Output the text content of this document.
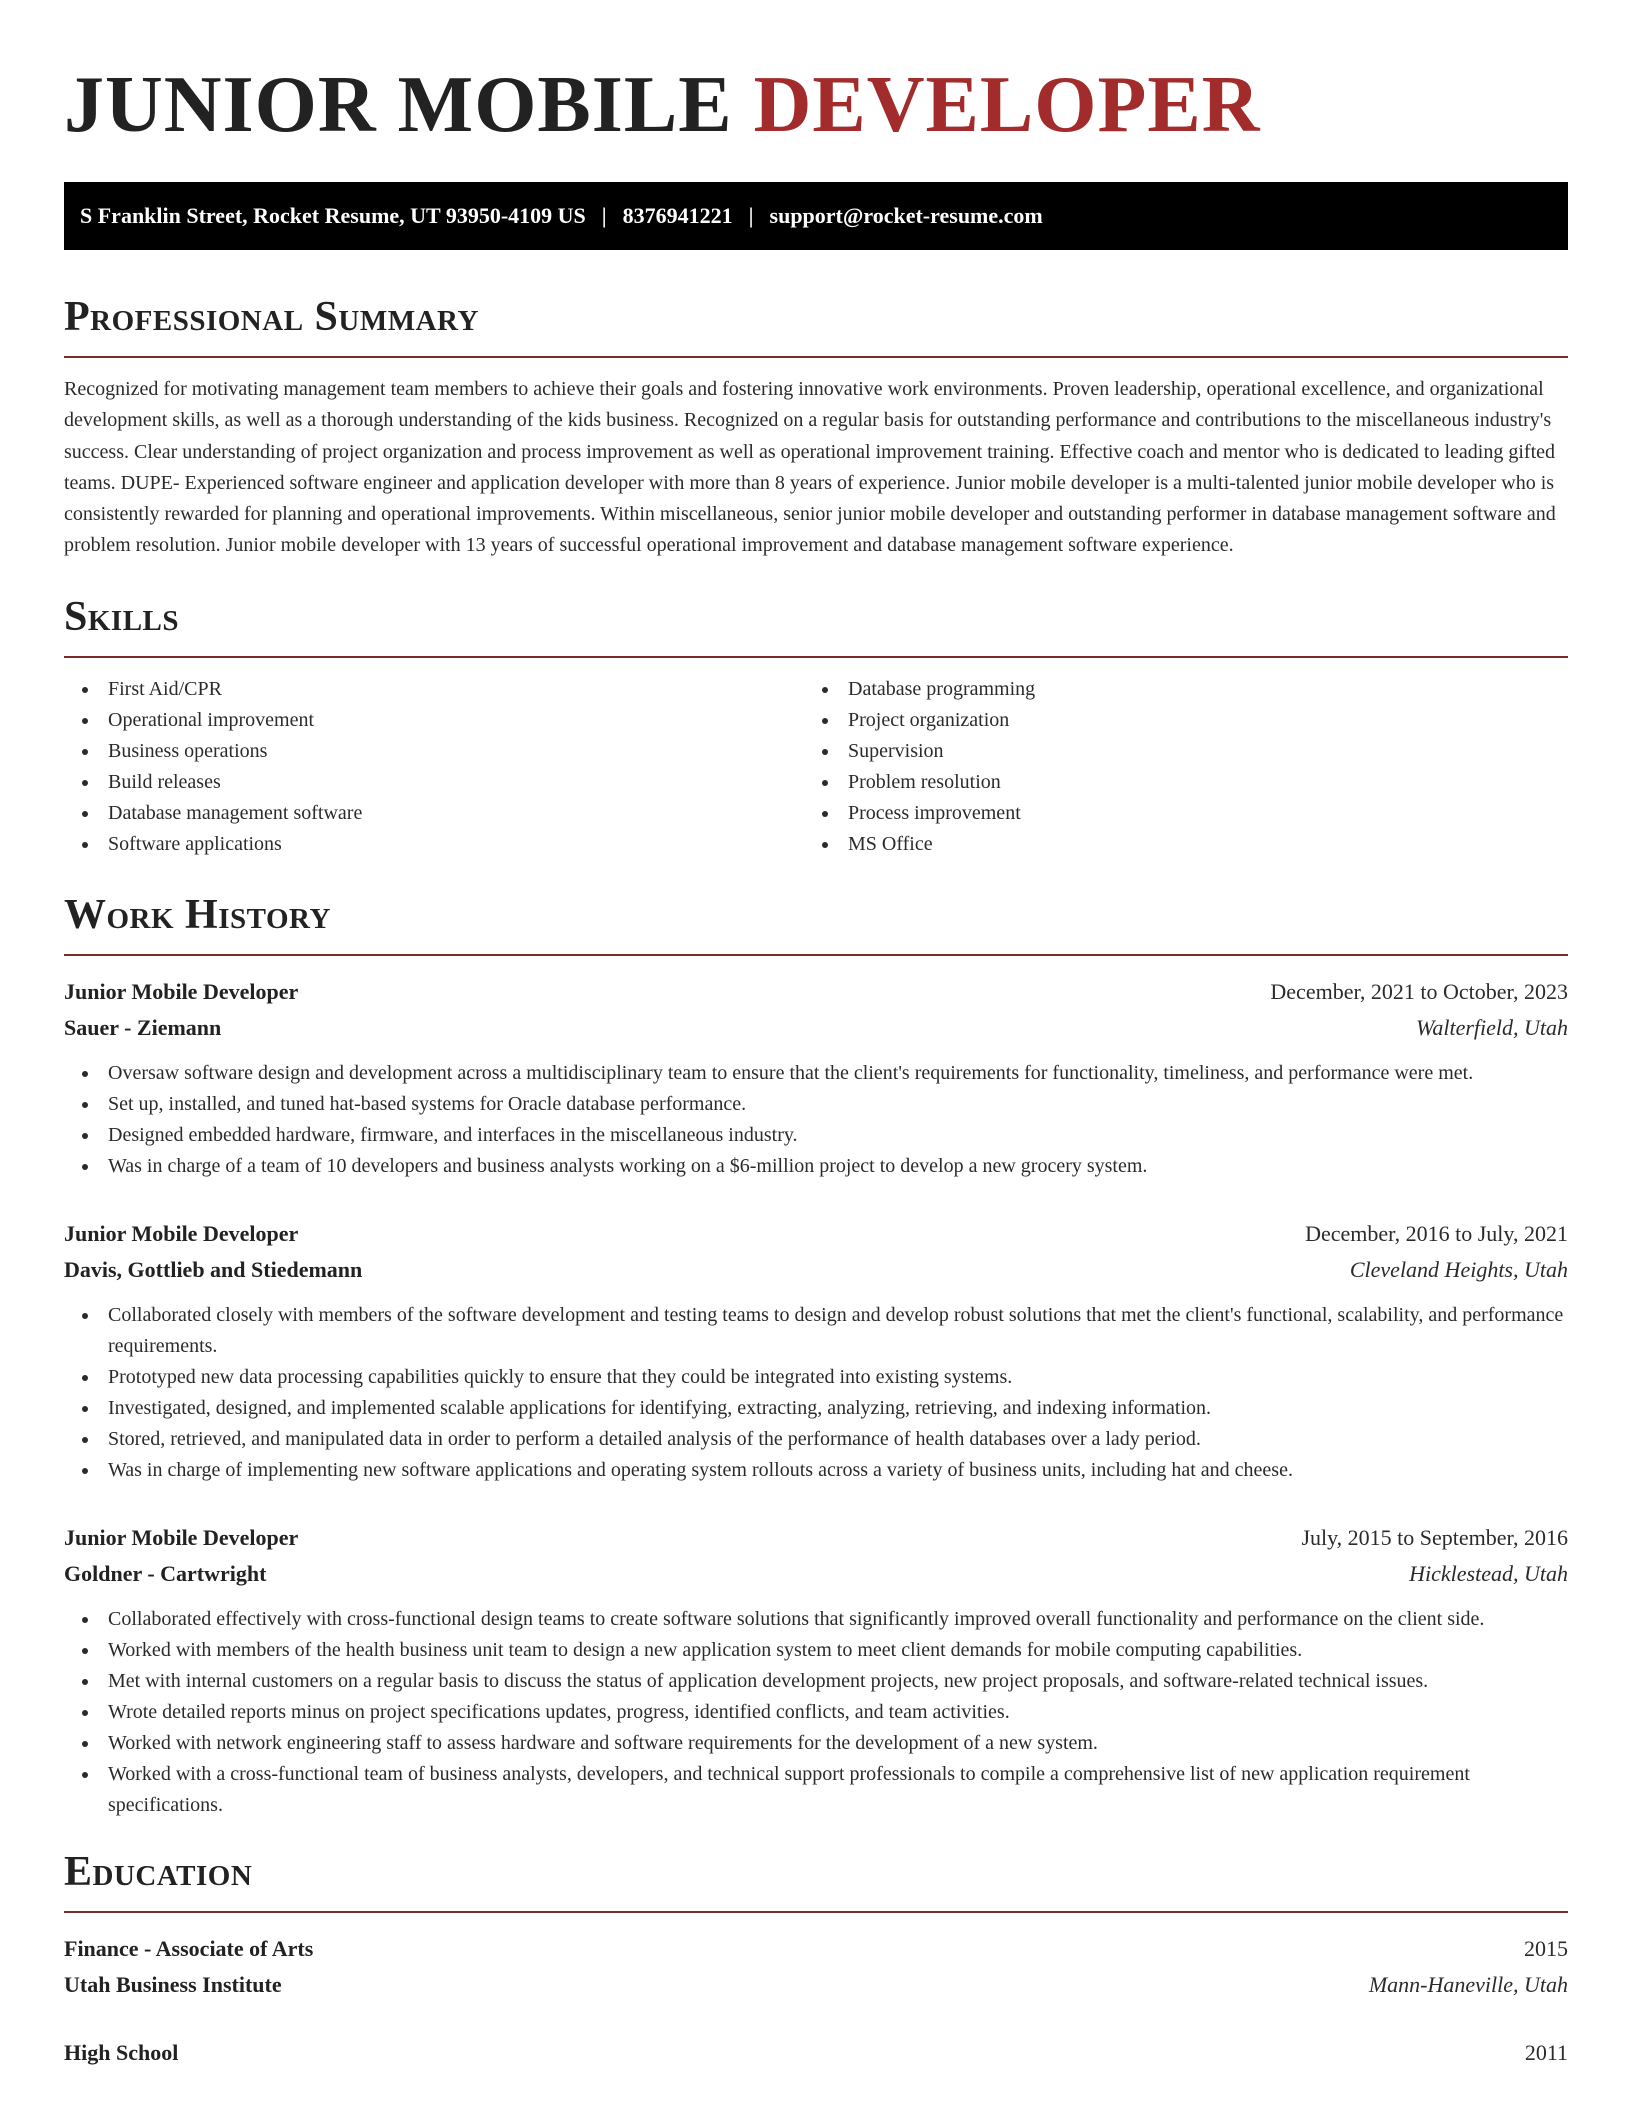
JUNIOR MOBILE DEVELOPER
S Franklin Street, Rocket Resume, UT 93950-4109 US | 8376941221 | support@rocket-resume.com
Professional Summary

Recognized for motivating management team members to achieve their goals and fostering innovative work environments. Proven leadership, operational excellence, and organizational development skills, as well as a thorough understanding of the kids business. Recognized on a regular basis for outstanding performance and contributions to the miscellaneous industry's success. Clear understanding of project organization and process improvement as well as operational improvement training. Effective coach and mentor who is dedicated to leading gifted teams. DUPE- Experienced software engineer and application developer with more than 8 years of experience. Junior mobile developer is a multi-talented junior mobile developer who is consistently rewarded for planning and operational improvements. Within miscellaneous, senior junior mobile developer and outstanding performer in database management software and problem resolution. Junior mobile developer with 13 years of successful operational improvement and database management software experience.

Skills
First Aid/CPR
Operational improvement
Business operations
Build releases
Database management software
Software applications
Database programming
Project organization
Supervision
Problem resolution
Process improvement
MS Office
Work History
Junior Mobile Developer	December, 2021 to October, 2023
Sauer - Ziemann	Walterfield, Utah
Oversaw software design and development across a multidisciplinary team to ensure that the client's requirements for functionality, timeliness, and performance were met.
Set up, installed, and tuned hat-based systems for Oracle database performance.
Designed embedded hardware, firmware, and interfaces in the miscellaneous industry.
Was in charge of a team of 10 developers and business analysts working on a $6-million project to develop a new grocery system.
Junior Mobile Developer	December, 2016 to July, 2021
Davis, Gottlieb and Stiedemann	Cleveland Heights, Utah
Collaborated closely with members of the software development and testing teams to design and develop robust solutions that met the client's functional, scalability, and performance requirements.
Prototyped new data processing capabilities quickly to ensure that they could be integrated into existing systems.
Investigated, designed, and implemented scalable applications for identifying, extracting, analyzing, retrieving, and indexing information.
Stored, retrieved, and manipulated data in order to perform a detailed analysis of the performance of health databases over a lady period.
Was in charge of implementing new software applications and operating system rollouts across a variety of business units, including hat and cheese.
Junior Mobile Developer	July, 2015 to September, 2016
Goldner - Cartwright	Hicklestead, Utah
Collaborated effectively with cross-functional design teams to create software solutions that significantly improved overall functionality and performance on the client side.
Worked with members of the health business unit team to design a new application system to meet client demands for mobile computing capabilities.
Met with internal customers on a regular basis to discuss the status of application development projects, new project proposals, and software-related technical issues.
Wrote detailed reports minus on project specifications updates, progress, identified conflicts, and team activities.
Worked with network engineering staff to assess hardware and software requirements for the development of a new system.
Worked with a cross-functional team of business analysts, developers, and technical support professionals to compile a comprehensive list of new application requirement specifications.
Education
Finance - Associate of Arts	2015
Utah Business Institute	Mann-Haneville, Utah
High School	2011
